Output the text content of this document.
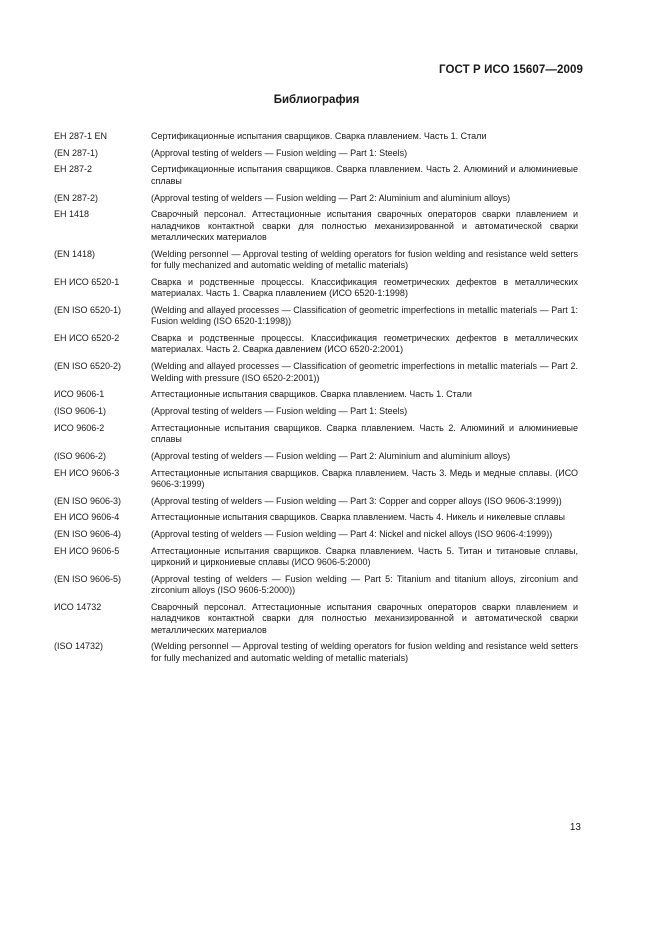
ГОСТ Р ИСО 15607—2009
Библиография
ЕН 287-1 EN	Сертификационные испытания сварщиков. Сварка плавлением. Часть 1. Стали
(EN 287-1)	(Approval testing of welders — Fusion welding — Part 1: Steels)
ЕН 287-2	Сертификационные испытания сварщиков. Сварка плавлением. Часть 2. Алюминий и алюминиевые сплавы
(EN 287-2)	(Approval testing of welders — Fusion welding — Part 2: Aluminium and aluminium alloys)
ЕН 1418	Сварочный персонал. Аттестационные испытания сварочных операторов сварки плавлением и наладчиков контактной сварки для полностью механизированной и автоматической сварки металлических материалов
(EN 1418)	(Welding personnel — Approval testing of welding operators for fusion welding and resistance weld setters for fully mechanized and automatic welding of metallic materials)
ЕН ИСО 6520-1	Сварка и родственные процессы. Классификация геометрических дефектов в металлических материалах. Часть 1. Сварка плавлением (ИСО 6520-1:1998)
(EN ISO 6520-1)	(Welding and allayed processes — Classification of geometric imperfections in metallic materials — Part 1: Fusion welding (ISO 6520-1:1998))
ЕН ИСО 6520-2	Сварка и родственные процессы. Классификация геометрических дефектов в металлических материалах. Часть 2. Сварка давлением (ИСО 6520-2:2001)
(EN ISO 6520-2)	(Welding and allayed processes — Classification of geometric imperfections in metallic materials — Part 2. Welding with pressure (ISO 6520-2:2001))
ИСО 9606-1	Аттестационные испытания сварщиков. Сварка плавлением. Часть 1. Стали
(ISO 9606-1)	(Approval testing of welders — Fusion welding — Part 1: Steels)
ИСО 9606-2	Аттестационные испытания сварщиков. Сварка плавлением. Часть 2. Алюминий и алюминиевые сплавы
(ISO 9606-2)	(Approval testing of welders — Fusion welding — Part 2: Aluminium and aluminium alloys)
ЕН ИСО 9606-3	Аттестационные испытания сварщиков. Сварка плавлением. Часть 3. Медь и медные сплавы. (ИСО 9606-3:1999)
(EN ISO 9606-3)	(Approval testing of welders — Fusion welding — Part 3: Copper and copper alloys (ISO 9606-3:1999))
ЕН ИСО 9606-4	Аттестационные испытания сварщиков. Сварка плавлением. Часть 4. Никель и никелевые сплавы
(EN ISO 9606-4)	(Approval testing of welders — Fusion welding — Part 4: Nickel and nickel alloys (ISO 9606-4:1999))
ЕН ИСО 9606-5	Аттестационные испытания сварщиков. Сварка плавлением. Часть 5. Титан и титановые сплавы, цирконий и циркониевые сплавы (ИСО 9606-5:2000)
(EN ISO 9606-5)	(Approval testing of welders — Fusion welding — Part 5: Titanium and titanium alloys, zirconium and zirconium alloys (ISO 9606-5:2000))
ИСО 14732	Сварочный персонал. Аттестационные испытания сварочных операторов сварки плавлением и наладчиков контактной сварки для полностью механизированной и автоматической сварки металлических материалов
(ISO 14732)	(Welding personnel — Approval testing of welding operators for fusion welding and resistance weld setters for fully mechanized and automatic welding of metallic materials)
13
